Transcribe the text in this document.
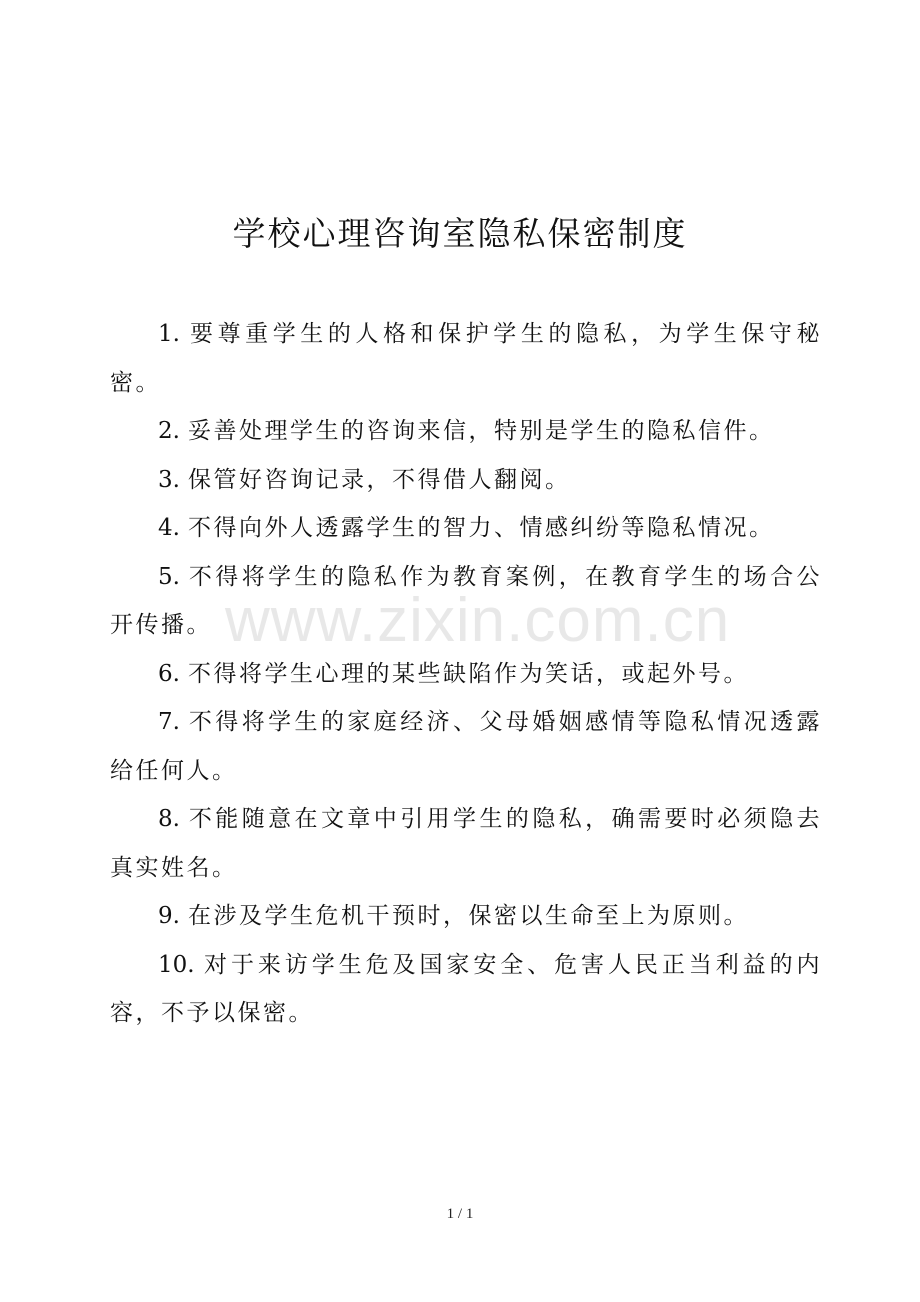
学校心理咨询室隐私保密制度

1. 要尊重学生的人格和保护学生的隐私，为学生保守秘密。

2. 妥善处理学生的咨询来信，特别是学生的隐私信件。

3. 保管好咨询记录，不得借人翻阅。

4. 不得向外人透露学生的智力、情感纠纷等隐私情况。

5. 不得将学生的隐私作为教育案例，在教育学生的场合公开传播。

6. 不得将学生心理的某些缺陷作为笑话，或起外号。

7. 不得将学生的家庭经济、父母婚姻感情等隐私情况透露给任何人。

8. 不能随意在文章中引用学生的隐私，确需要时必须隐去真实姓名。

9. 在涉及学生危机干预时，保密以生命至上为原则。

10. 对于来访学生危及国家安全、危害人民正当利益的内容，不予以保密。

www.zixin.com.cn
1 / 1
